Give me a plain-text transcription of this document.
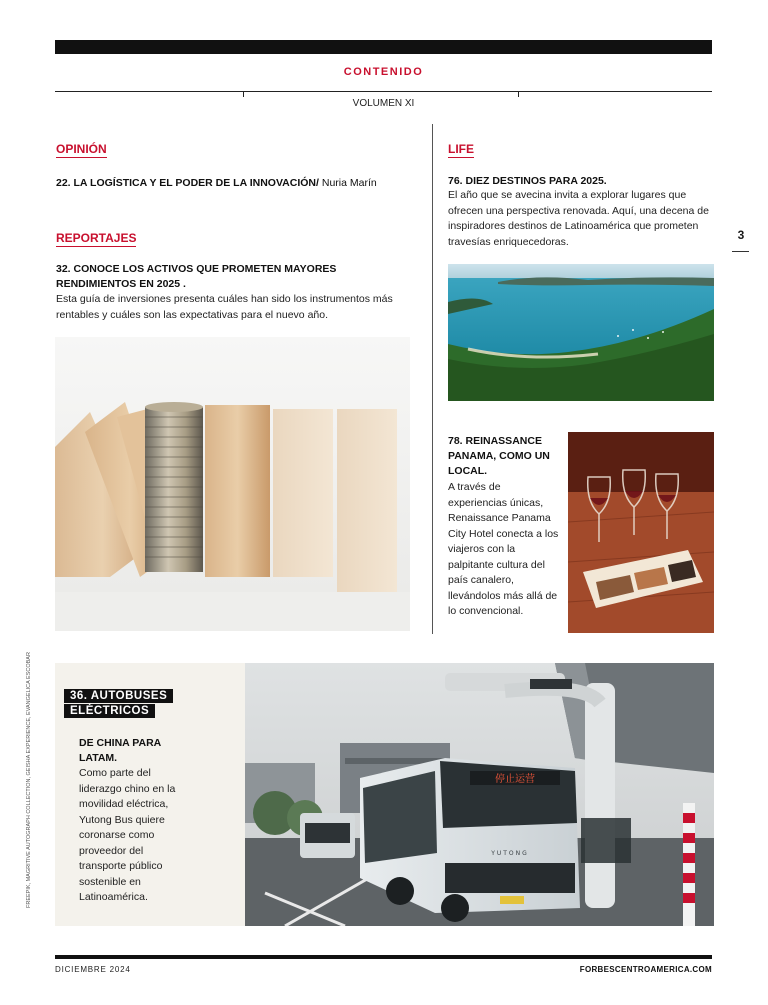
CONTENIDO
VOLUMEN XI
3
OPINIÓN
22. LA LOGÍSTICA Y EL PODER DE LA INNOVACIÓN/ Nuria Marín
REPORTAJES
32. CONOCE LOS ACTIVOS QUE PROMETEN MAYORES RENDIMIENTOS EN 2025 .
Esta guía de inversiones presenta cuáles han sido los instrumentos más rentables y cuáles son las expectativas para el nuevo año.
LIFE
76. DIEZ DESTINOS PARA 2025.
El año que se avecina invita a explorar lugares que ofrecen una perspectiva renovada. Aquí, una decena de inspiradores destinos de Latinoamérica que prometen travesías enriquecedoras.
78. REINASSANCE PANAMA, COMO UN LOCAL.
A través de experiencias únicas, Renaissance Panama City Hotel conecta a los viajeros con la palpitante cultura del país canalero, llevándolos más allá de lo convencional.
36. AUTOBUSES
ELÉCTRICOS
DE CHINA PARA LATAM.
Como parte del liderazgo chino en la movilidad eléctrica, Yutong Bus quiere coronarse como proveedor del transporte público sostenible en Latinoamérica.
停止运营
YUTONG
FREEPIK, MAGRITIVE AUTOGRAPH COLLECTION, GEISHA EXPERIENCE, EVANGELICA ESCOBAR
DICIEMBRE 2024	FORBESCENTROAMERICA.COM
